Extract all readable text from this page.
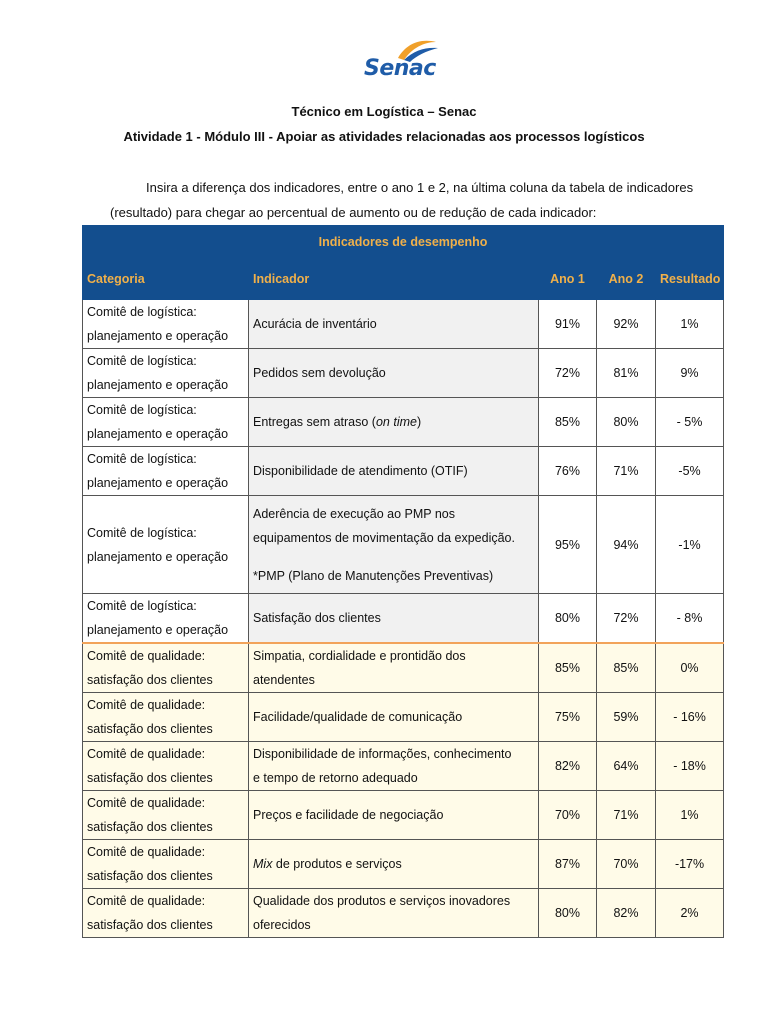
Senac
Técnico em Logística – Senac
Atividade 1 - Módulo III - Apoiar as atividades relacionadas aos processos logísticos
Insira a diferença dos indicadores, entre o ano 1 e 2, na última coluna da tabela de indicadores
(resultado) para chegar ao percentual de aumento ou de redução de cada indicador:
Indicadores de desempenho				
Categoria	Indicador	Ano 1	Ano 2	Resultado
Comitê de logística:
planejamento e operação	Acurácia de inventário	91%	92%	1%
Comitê de logística:
planejamento e operação	Pedidos sem devolução	72%	81%	9%
Comitê de logística:
planejamento e operação	Entregas sem atraso (on time)	85%	80%	- 5%
Comitê de logística:
planejamento e operação	Disponibilidade de atendimento (OTIF)	76%	71%	-5%
Comitê de logística:
planejamento e operação	Aderência de execução ao PMP nos
equipamentos de movimentação da expedição.

*PMP (Plano de Manutenções Preventivas)	95%	94%	-1%
Comitê de logística:
planejamento e operação	Satisfação dos clientes	80%	72%	- 8%
Comitê de qualidade:
satisfação dos clientes	Simpatia, cordialidade e prontidão dos
atendentes	85%	85%	0%
Comitê de qualidade:
satisfação dos clientes	Facilidade/qualidade de comunicação	75%	59%	- 16%
Comitê de qualidade:
satisfação dos clientes	Disponibilidade de informações, conhecimento
e tempo de retorno adequado	82%	64%	- 18%
Comitê de qualidade:
satisfação dos clientes	Preços e facilidade de negociação	70%	71%	1%
Comitê de qualidade:
satisfação dos clientes	Mix de produtos e serviços	87%	70%	-17%
Comitê de qualidade:
satisfação dos clientes	Qualidade dos produtos e serviços inovadores
oferecidos	80%	82%	2%
